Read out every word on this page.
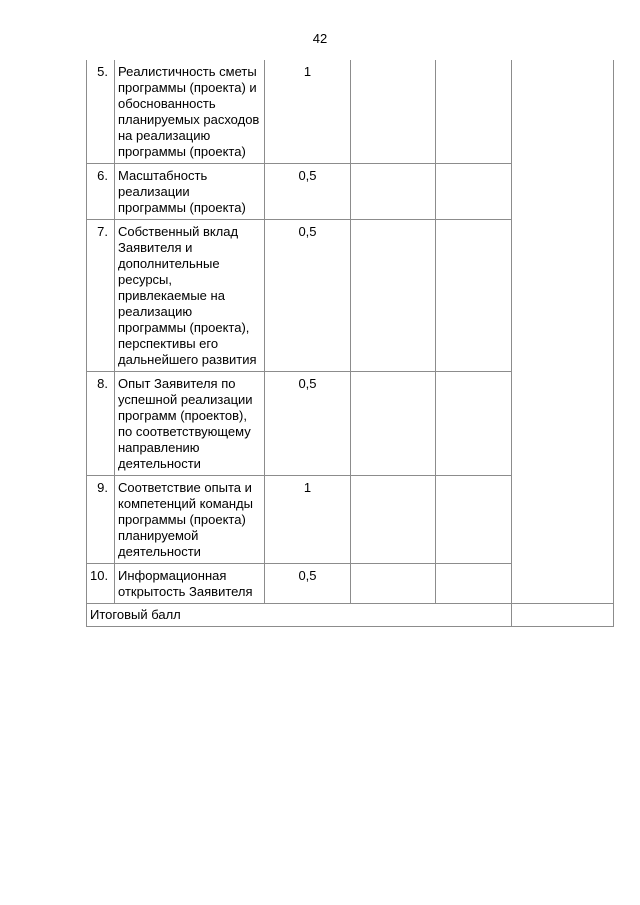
42
5.	Реалистичность сметы программы (проекта) и обоснованность планируемых расходов на реализацию программы (проекта)	1			
6.	Масштабность реализации программы (проекта)	0,5			
7.	Собственный вклад Заявителя и дополнительные ресурсы, привлекаемые на реализацию программы (проекта), перспективы его дальнейшего развития	0,5			
8.	Опыт Заявителя по успешной реализации программ (проектов), по соответствующему направлению деятельности	0,5			
9.	Соответствие опыта и компетенций команды программы (проекта) планируемой деятельности	1			
10.	Информационная открытость Заявителя	0,5			
Итоговый балл					
